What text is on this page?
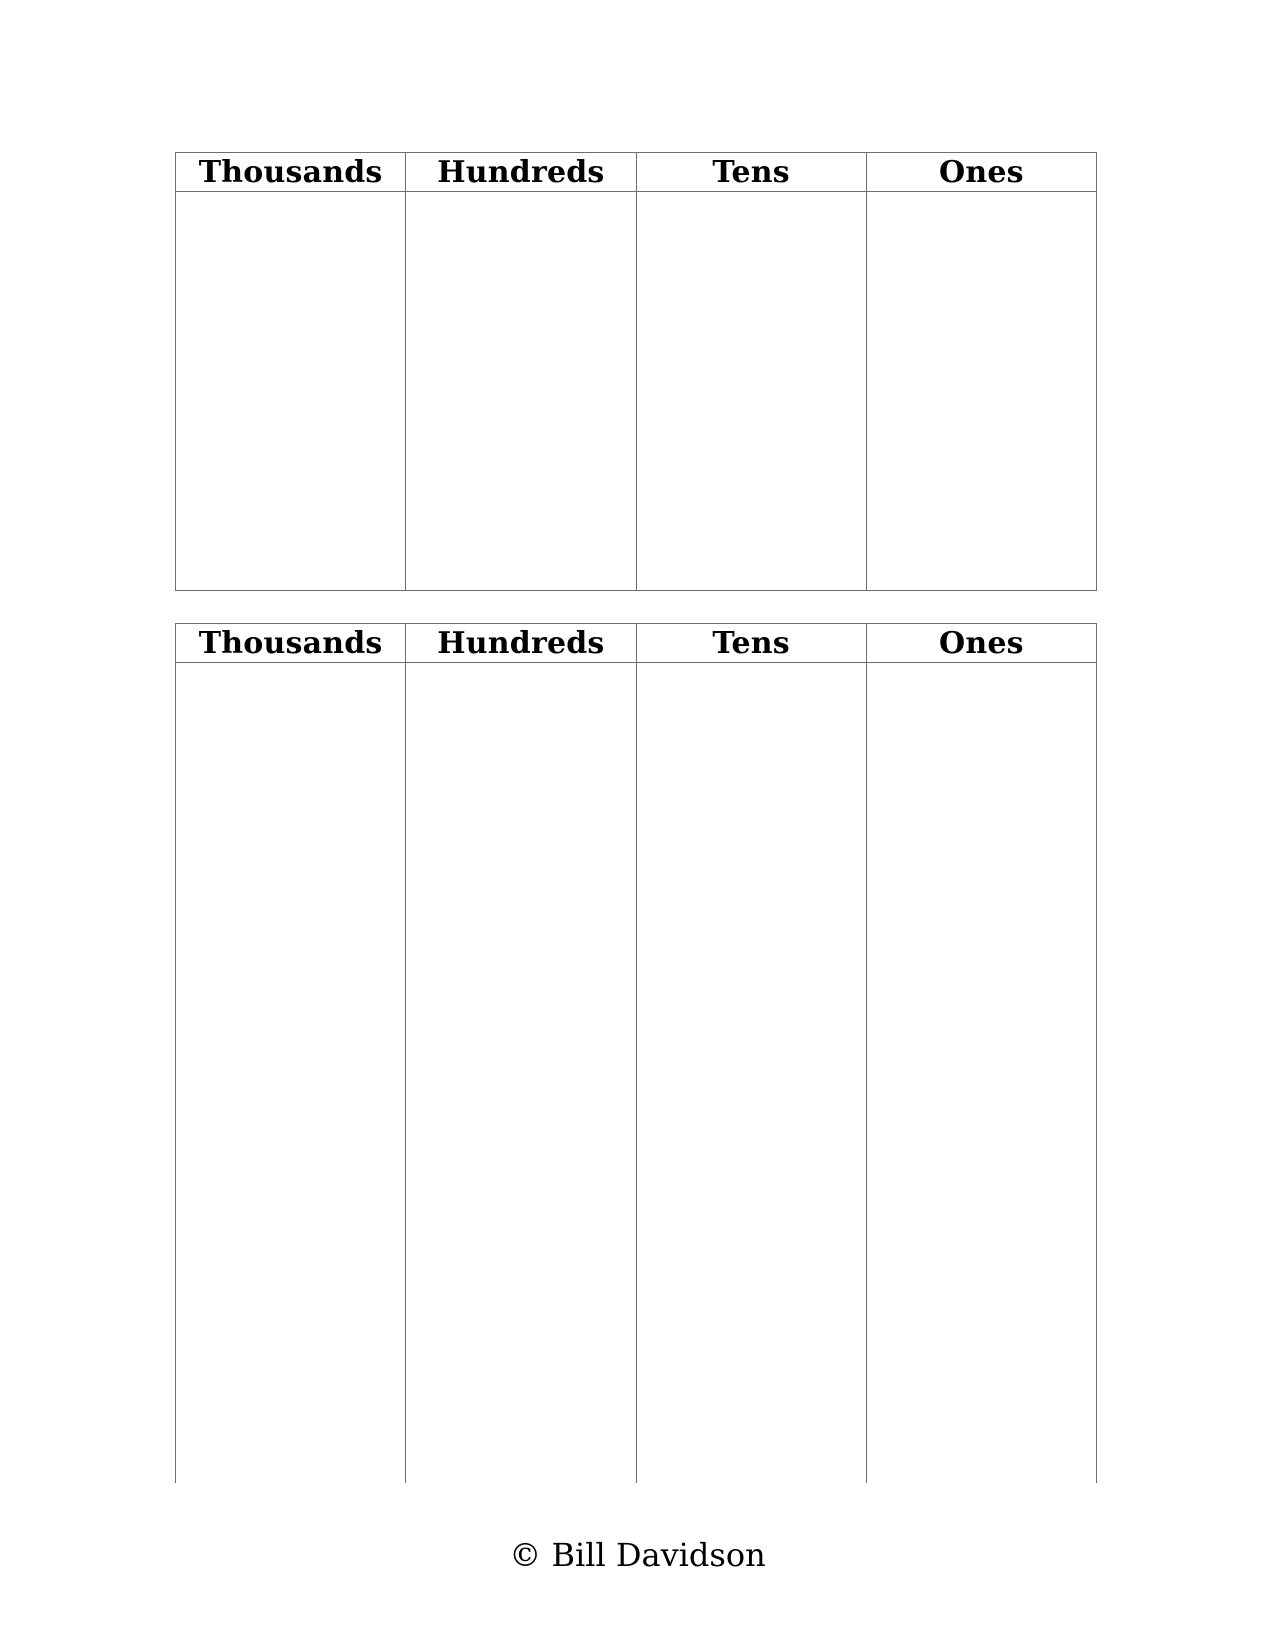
Thousands	Hundreds	Tens	Ones

Thousands	Hundreds	Tens	Ones

© Bill Davidson
